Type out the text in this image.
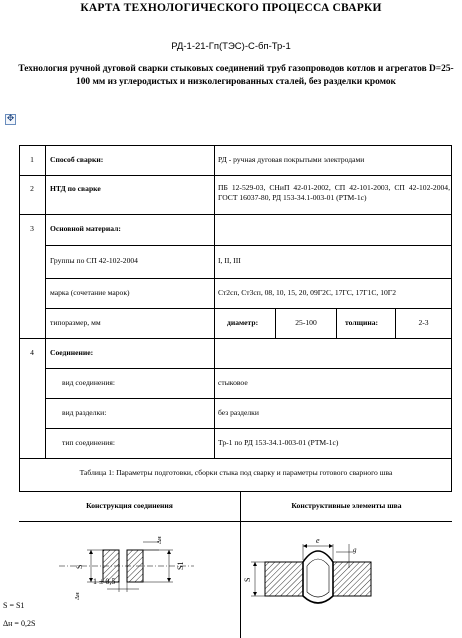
КАРТА ТЕХНОЛОГИЧЕСКОГО ПРОЦЕССА СВАРКИ
РД-1-21-Гп(ТЭС)-С-бп-Тр-1
Технология ручной дуговой сварки стыковых соединений труб газопроводов котлов и агрегатов D=25-100 мм из углеродистых и низколегированных сталей, без разделки кромок
✥
1	Способ сварки:	РД - ручная дуговая покрытыми электродами
2	НТД по сварке	ПБ 12-529-03, СНиП 42-01-2002, СП 42-101-2003, СП 42-102-2004, ГОСТ 16037-80, РД 153-34.1-003-01 (РТМ-1с)
3	Основной материал:
Группы по СП 42-102-2004	I, II, III
марка (сочетание марок)	Ст2сп, Ст3сп, 08, 10, 15, 20, 09Г2С, 17ГС, 17Г1С, 10Г2
типоразмер, мм	диаметр:	25-100	толщина:	2-3
4	Соединение:
вид соединения:	стыковое
вид разделки:	без разделки
тип соединения:	Тр-1 по РД 153-34.1-003-01 (РТМ-1с)
Таблица 1: Параметры подготовки, сборки стыка под сварку и параметры готового сварного шва
Конструкция соединения	Конструктивные элементы шва
S	S1
Δн
1 ± 0,5
Δн
e
g
S
S = S1
Δн = 0,2S
